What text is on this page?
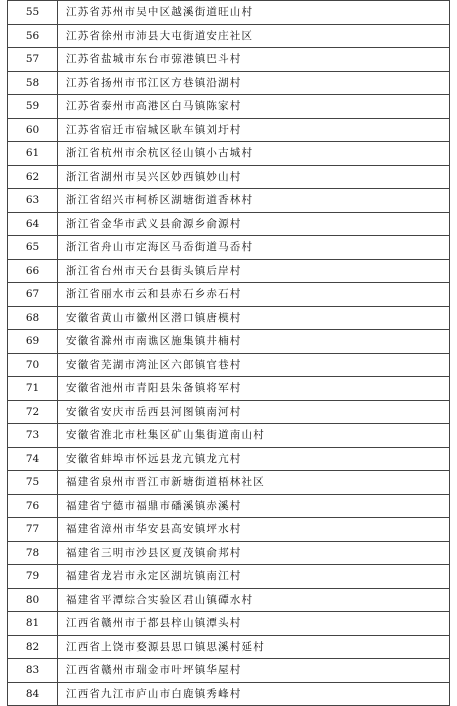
55	江苏省苏州市吴中区越溪街道旺山村
56	江苏省徐州市沛县大屯街道安庄社区
57	江苏省盐城市东台市弶港镇巴斗村
58	江苏省扬州市邗江区方巷镇沿湖村
59	江苏省泰州市高港区白马镇陈家村
60	江苏省宿迁市宿城区耿车镇刘圩村
61	浙江省杭州市余杭区径山镇小古城村
62	浙江省湖州市吴兴区妙西镇妙山村
63	浙江省绍兴市柯桥区湖塘街道香林村
64	浙江省金华市武义县俞源乡俞源村
65	浙江省舟山市定海区马岙街道马岙村
66	浙江省台州市天台县街头镇后岸村
67	浙江省丽水市云和县赤石乡赤石村
68	安徽省黄山市徽州区潜口镇唐模村
69	安徽省滁州市南谯区施集镇井楠村
70	安徽省芜湖市湾沚区六郎镇官巷村
71	安徽省池州市青阳县朱备镇将军村
72	安徽省安庆市岳西县河图镇南河村
73	安徽省淮北市杜集区矿山集街道南山村
74	安徽省蚌埠市怀远县龙亢镇龙亢村
75	福建省泉州市晋江市新塘街道梧林社区
76	福建省宁德市福鼎市磻溪镇赤溪村
77	福建省漳州市华安县高安镇坪水村
78	福建省三明市沙县区夏茂镇俞邦村
79	福建省龙岩市永定区湖坑镇南江村
80	福建省平潭综合实验区君山镇磹水村
81	江西省赣州市于都县梓山镇潭头村
82	江西省上饶市婺源县思口镇思溪村延村
83	江西省赣州市瑞金市叶坪镇华屋村
84	江西省九江市庐山市白鹿镇秀峰村
